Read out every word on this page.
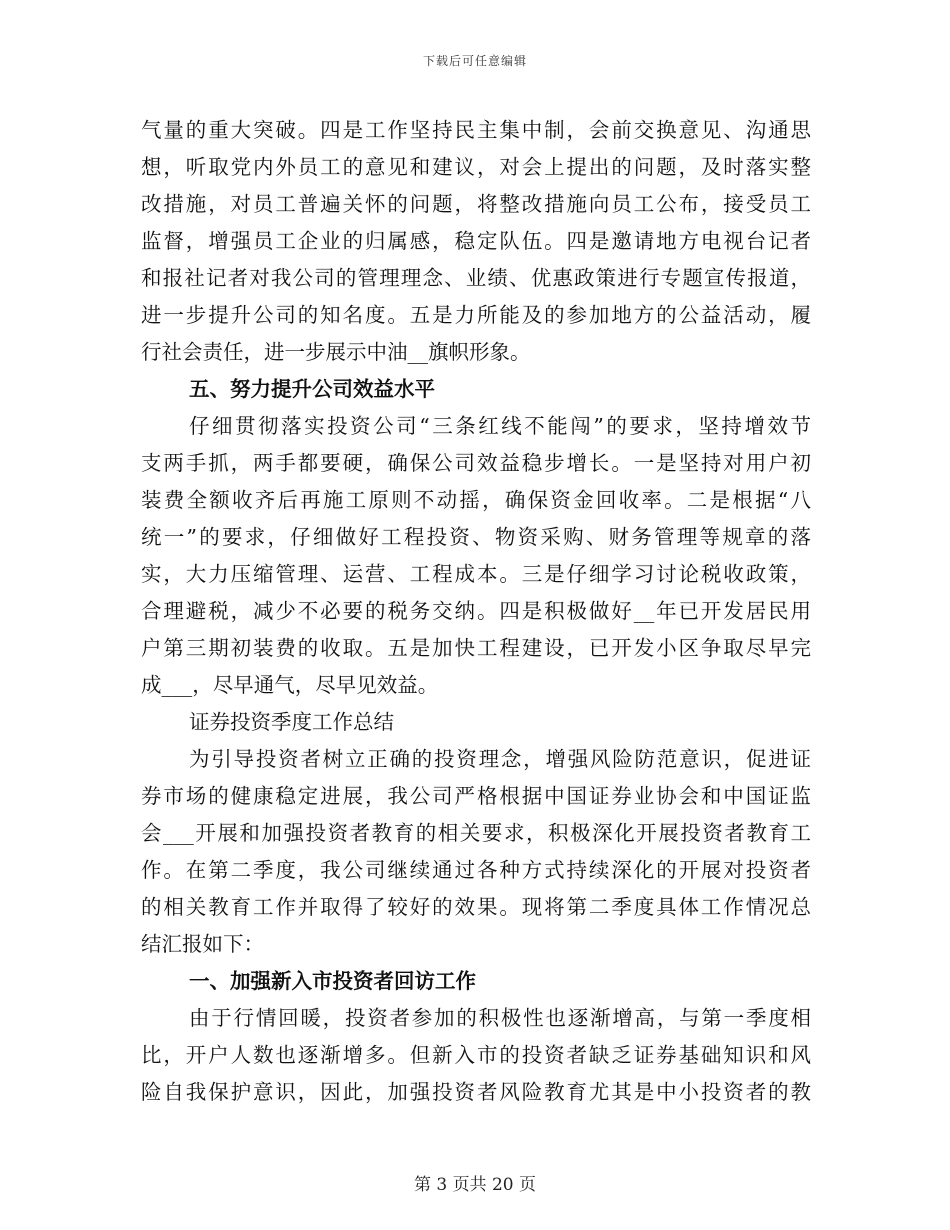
下载后可任意编辑
气量的重大突破。四是工作坚持民主集中制，会前交换意见、沟通思
想，听取党内外员工的意见和建议，对会上提出的问题，及时落实整
改措施，对员工普遍关怀的问题，将整改措施向员工公布，接受员工
监督，增强员工企业的归属感，稳定队伍。四是邀请地方电视台记者
和报社记者对我公司的管理理念、业绩、优惠政策进行专题宣传报道，
进一步提升公司的知名度。五是力所能及的参加地方的公益活动，履
行社会责任，进一步展示中油__旗帜形象。
五、努力提升公司效益水平
仔细贯彻落实投资公司“三条红线不能闯”的要求，坚持增效节
支两手抓，两手都要硬，确保公司效益稳步增长。一是坚持对用户初
装费全额收齐后再施工原则不动摇，确保资金回收率。二是根据“八
统一”的要求，仔细做好工程投资、物资采购、财务管理等规章的落
实，大力压缩管理、运营、工程成本。三是仔细学习讨论税收政策，
合理避税，减少不必要的税务交纳。四是积极做好__年已开发居民用
户第三期初装费的收取。五是加快工程建设，已开发小区争取尽早完
成___，尽早通气，尽早见效益。
证券投资季度工作总结
为引导投资者树立正确的投资理念，增强风险防范意识，促进证
券市场的健康稳定进展，我公司严格根据中国证券业协会和中国证监
会___开展和加强投资者教育的相关要求，积极深化开展投资者教育工
作。在第二季度，我公司继续通过各种方式持续深化的开展对投资者
的相关教育工作并取得了较好的效果。现将第二季度具体工作情况总
结汇报如下：
一、加强新入市投资者回访工作
由于行情回暖，投资者参加的积极性也逐渐增高，与第一季度相
比，开户人数也逐渐增多。但新入市的投资者缺乏证券基础知识和风
险自我保护意识，因此，加强投资者风险教育尤其是中小投资者的教
第 3 页共 20 页
